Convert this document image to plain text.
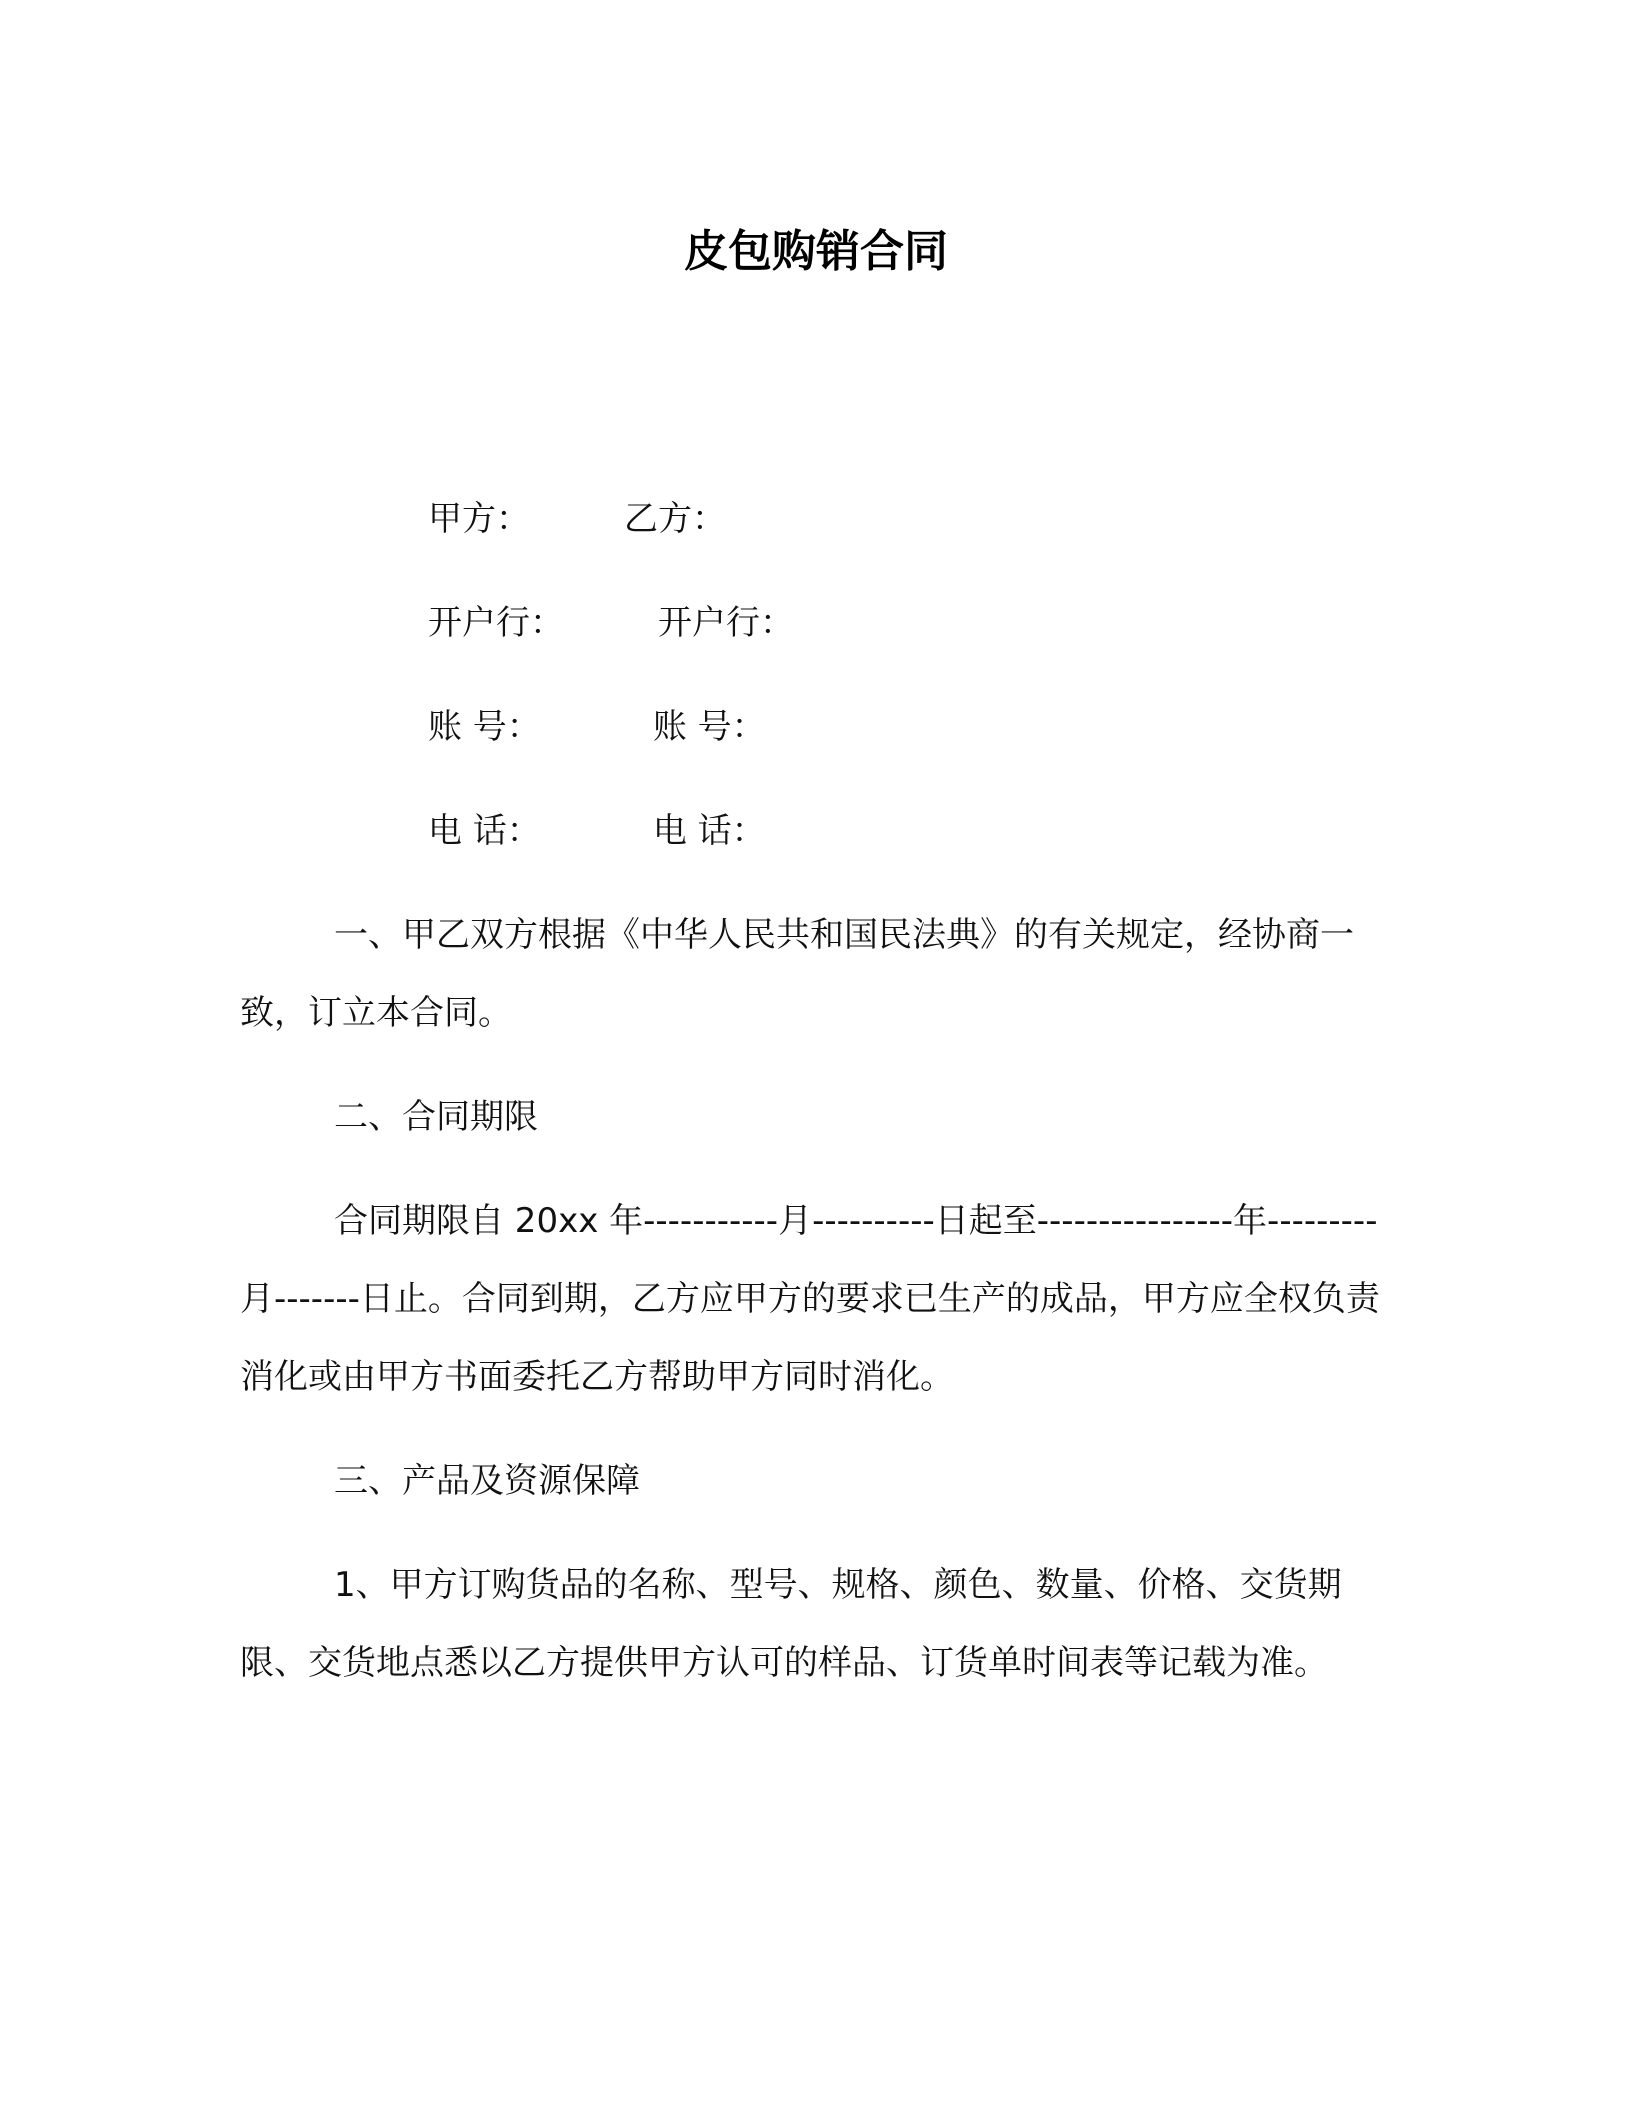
皮包购销合同

甲方：	乙方：

开户行：	开户行：

账 号：	账 号：

电 话：	电 话：

一、甲乙双方根据《中华人民共和国民法典》的有关规定，经协商一致，订立本合同。

二、合同期限

合同期限自 20xx 年-----------月----------日起至----------------年---------月-------日止。合同到期，乙方应甲方的要求已生产的成品，甲方应全权负责消化或由甲方书面委托乙方帮助甲方同时消化。

三、产品及资源保障

1、甲方订购货品的名称、型号、规格、颜色、数量、价格、交货期限、交货地点悉以乙方提供甲方认可的样品、订货单时间表等记载为准。
